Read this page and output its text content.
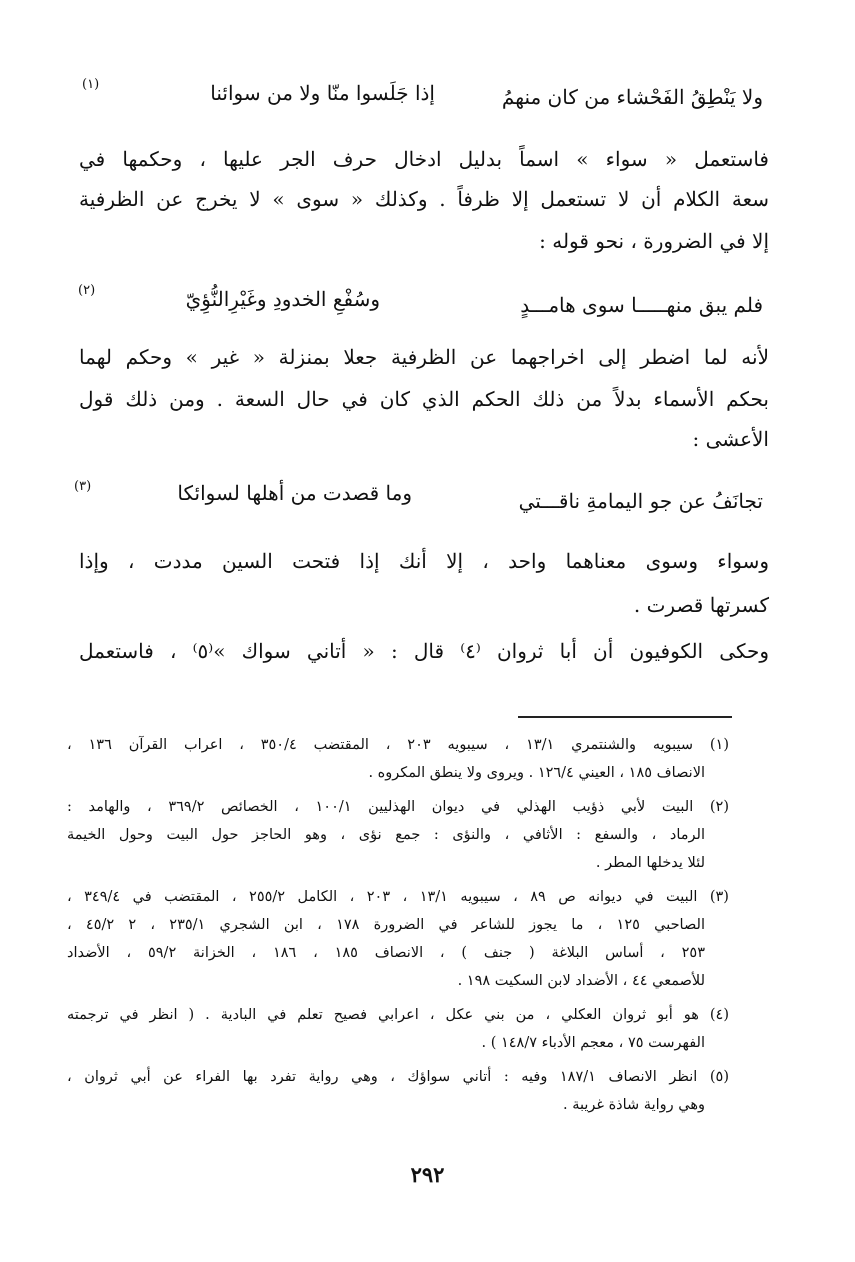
ولا يَنْطِقُ الفَحْشاء من كان منهمُ
إذا جَلَسوا منّا ولا من سوائنا
(١)
فاستعمل « سواء » اسماً بدليل ادخال حرف الجر عليها ، وحكمها في
سعة الكلام أن لا تستعمل إلا ظرفاً . وكذلك « سوى » لا يخرج عن الظرفية
إلا في الضرورة ، نحو قوله :
فلم يبق منهـــــا سوى هامـــدٍ
وسُفْعِ الخدودِ وغَيْرِالنُّؤِيّ
(٢)
لأنه لما اضطر إلى اخراجهما عن الظرفية جعلا بمنزلة « غير » وحكم لهما
بحكم الأسماء بدلاً من ذلك الحكم الذي كان في حال السعة . ومن ذلك قول
الأعشى :
تجانَفُ عن جو اليمامةِ ناقـــتي
وما قصدت من أهلها لسوائكا
(٣)
وسواء وسوى معناهما واحد ، إلا أنك إذا فتحت السين مددت ، وإذا
كسرتها قصرت .
وحكى الكوفيون أن أبا ثروان ⁽٤⁾ قال : « أتاني سواك »⁽٥⁾ ، فاستعمل
(١) سيبويه والشنتمري ١٣/١ ، سيبويه ٢٠٣ ، المقتضب ٣٥٠/٤ ، اعراب القرآن ١٣٦ ،
الانصاف ١٨٥ ، العيني ١٢٦/٤ . ويروى ولا ينطق المكروه .
(٢) البيت لأبي ذؤيب الهذلي في ديوان الهذليين ١٠٠/١ ، الخصائص ٣٦٩/٢ ، والهامد :
الرماد ، والسفع : الأثافي ، والنؤى : جمع نؤى ، وهو الحاجز حول البيت وحول الخيمة
لئلا يدخلها المطر .
(٣) البيت في ديوانه ص ٨٩ ، سيبويه ١٣/١ ، ٢٠٣ ، الكامل ٢٥٥/٢ ، المقتضب في ٣٤٩/٤ ،
الصاحبي ١٢٥ ، ما يجوز للشاعر في الضرورة ١٧٨ ، ابن الشجري ٢٣٥/١ ، ٢ ٤٥/٢ ،
٢٥٣ ، أساس البلاغة ( جنف ) ، الانصاف ١٨٥ ، ١٨٦ ، الخزانة ٥٩/٢ ، الأضداد
للأصمعي ٤٤ ، الأضداد لابن السكيت ١٩٨ .
(٤) هو أبو ثروان العكلي ، من بني عكل ، اعرابي فصيح تعلم في البادية . ( انظر في ترجمته
الفهرست ٧٥ ، معجم الأدباء ١٤٨/٧ ) .
(٥) انظر الانصاف ١٨٧/١ وفيه : أتاني سواؤك ، وهي رواية تفرد بها الفراء عن أبي ثروان ،
وهي رواية شاذة غريبة .
٢٩٢
